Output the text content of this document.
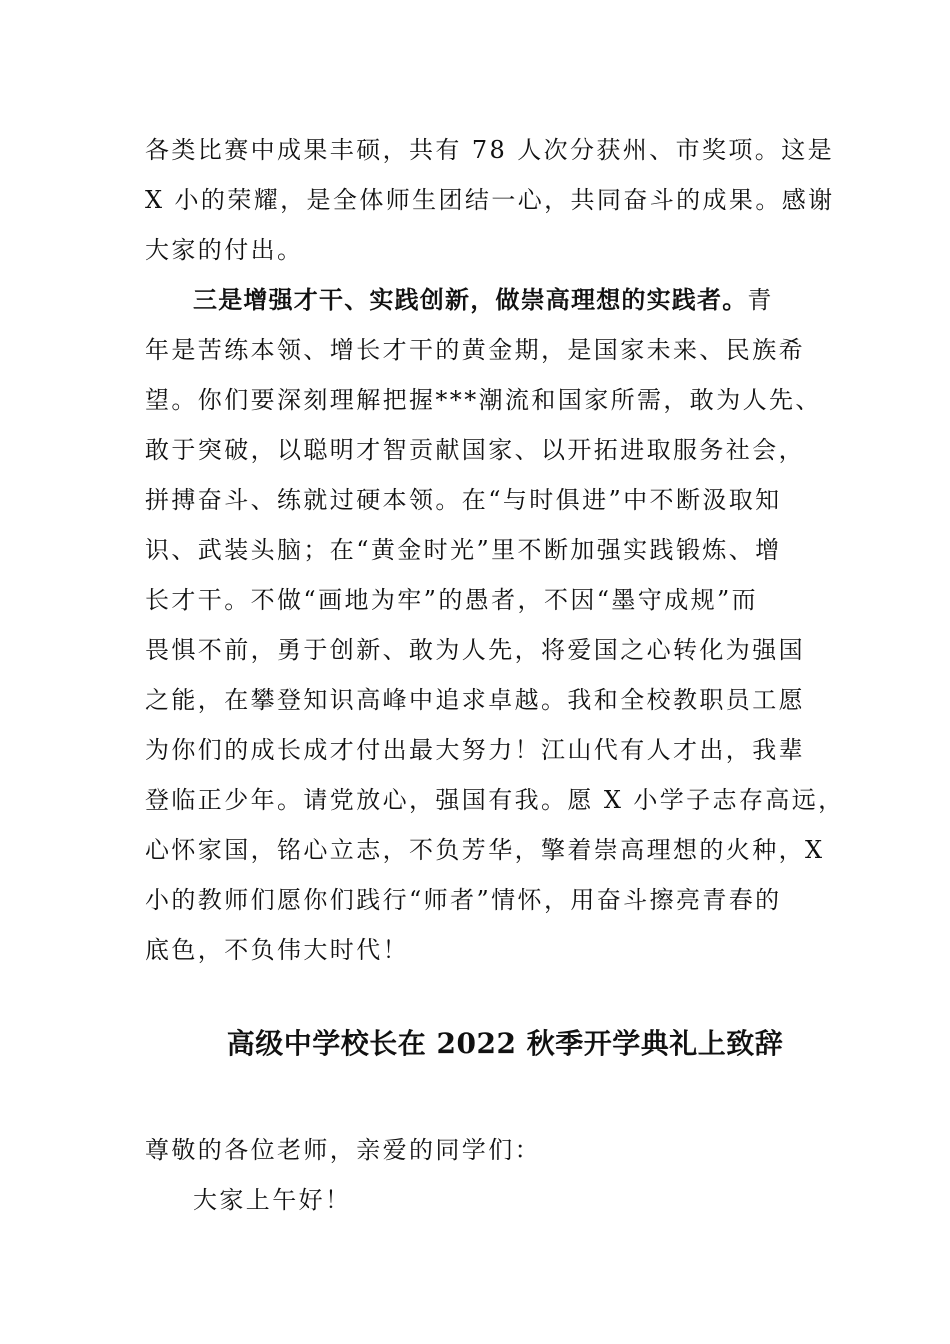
各类比赛中成果丰硕，共有 78 人次分获州、市奖项。这是
X 小的荣耀，是全体师生团结一心，共同奋斗的成果。感谢
大家的付出。
三是增强才干、实践创新，做崇高理想的实践者。青
年是苦练本领、增长才干的黄金期，是国家未来、民族希
望。你们要深刻理解把握***潮流和国家所需，敢为人先、
敢于突破，以聪明才智贡献国家、以开拓进取服务社会，
拼搏奋斗、练就过硬本领。在“与时俱进”中不断汲取知
识、武装头脑；在“黄金时光”里不断加强实践锻炼、增
长才干。不做“画地为牢”的愚者，不因“墨守成规”而
畏惧不前，勇于创新、敢为人先，将爱国之心转化为强国
之能，在攀登知识高峰中追求卓越。我和全校教职员工愿
为你们的成长成才付出最大努力！江山代有人才出，我辈
登临正少年。请党放心，强国有我。愿 X 小学子志存高远，
心怀家国，铭心立志，不负芳华，擎着崇高理想的火种，X
小的教师们愿你们践行“师者”情怀，用奋斗擦亮青春的
底色，不负伟大时代！
高级中学校长在 2022 秋季开学典礼上致辞
尊敬的各位老师，亲爱的同学们：
大家上午好！
